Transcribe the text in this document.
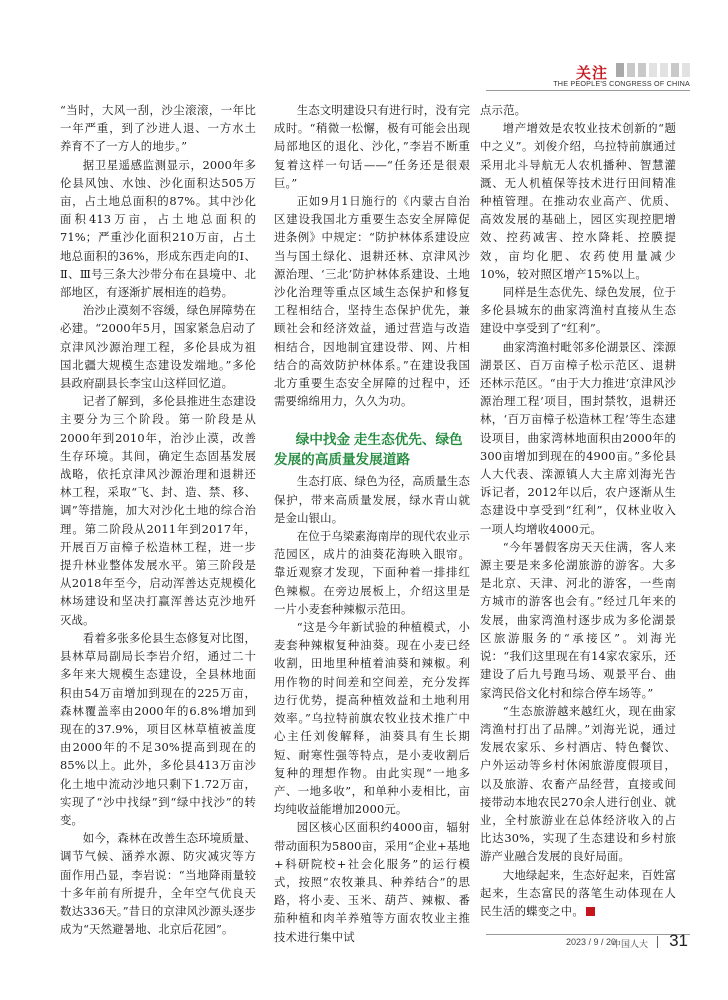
关注
THE PEOPLE'S CONGRESS OF CHINA

“当时，大风一刮，沙尘滚滚，一年比一年严重，到了沙进人退、一方水土养育不了一方人的地步。”

据卫星遥感监测显示，2000年多伦县风蚀、水蚀、沙化面积达505万亩，占土地总面积的87%。其中沙化面积413万亩，占土地总面积的71%；严重沙化面积210万亩，占土地总面积的36%，形成东西走向的Ⅰ、Ⅱ、Ⅲ号三条大沙带分布在县境中、北部地区，有逐渐扩展相连的趋势。

治沙止漠刻不容缓，绿色屏障势在必建。“2000年5月，国家紧急启动了京津风沙源治理工程，多伦县成为祖国北疆大规模生态建设发端地。”多伦县政府副县长李宝山这样回忆道。

记者了解到，多伦县推进生态建设主要分为三个阶段。第一阶段是从2000年到2010年，治沙止漠，改善生存环境。其间，确定生态固基发展战略，依托京津风沙源治理和退耕还林工程，采取“飞、封、造、禁、移、调”等措施，加大对沙化土地的综合治理。第二阶段从2011年到2017年，开展百万亩樟子松造林工程，进一步提升林业整体发展水平。第三阶段是从2018年至今，启动浑善达克规模化林场建设和坚决打赢浑善达克沙地歼灭战。

看着多张多伦县生态修复对比图，县林草局副局长李岩介绍，通过二十多年来大规模生态建设，全县林地面积由54万亩增加到现在的225万亩，森林覆盖率由2000年的6.8%增加到现在的37.9%，项目区林草植被盖度由2000年的不足30%提高到现在的85%以上。此外，多伦县413万亩沙化土地中流动沙地只剩下1.72万亩，实现了“沙中找绿”到“绿中找沙”的转变。

如今，森林在改善生态环境质量、调节气候、涵养水源、防灾减灾等方面作用凸显，李岩说：“当地降雨量较十多年前有所提升，全年空气优良天数达336天。”昔日的京津风沙源头逐步成为“天然避暑地、北京后花园”。

生态文明建设只有进行时，没有完成时。“稍微一松懈，极有可能会出现局部地区的退化、沙化，”李岩不断重复着这样一句话——“任务还是很艰巨。”

正如9月1日施行的《内蒙古自治区建设我国北方重要生态安全屏障促进条例》中规定：“防护林体系建设应当与国土绿化、退耕还林、京津风沙源治理、‘三北’防护林体系建设、土地沙化治理等重点区域生态保护和修复工程相结合，坚持生态保护优先，兼顾社会和经济效益，通过营造与改造相结合，因地制宜建设带、网、片相结合的高效防护林体系。”在建设我国北方重要生态安全屏障的过程中，还需要绵绵用力，久久为功。

绿中找金 走生态优先、绿色发展的高质量发展道路

生态打底、绿色为径，高质量生态保护，带来高质量发展，绿水青山就是金山银山。

在位于乌梁素海南岸的现代农业示范园区，成片的油葵花海映入眼帘。靠近观察才发现，下面种着一排排红色辣椒。在旁边展板上，介绍这里是一片小麦套种辣椒示范田。

“这是今年新试验的种植模式，小麦套种辣椒复种油葵。现在小麦已经收割，田地里种植着油葵和辣椒。利用作物的时间差和空间差，充分发挥边行优势，提高种植效益和土地利用效率。”乌拉特前旗农牧业技术推广中心主任刘俊解释，油葵具有生长期短、耐寒性强等特点，是小麦收割后复种的理想作物。由此实现“一地多产、一地多收”，和单种小麦相比，亩均纯收益能增加2000元。

园区核心区面积约4000亩，辐射带动面积为5800亩，采用“企业+基地+科研院校+社会化服务”的运行模式，按照“农牧兼具、种养结合”的思路，将小麦、玉米、葫芦、辣椒、番茄种植和肉羊养殖等方面农牧业主推技术进行集中试

点示范。

增产增效是农牧业技术创新的“题中之义”。刘俊介绍，乌拉特前旗通过采用北斗导航无人农机播种、智慧灌溉、无人机植保等技术进行田间精准种植管理。在推动农业高产、优质、高效发展的基础上，园区实现控肥增效、控药减害、控水降耗、控膜提效，亩均化肥、农药使用量减少10%，较对照区增产15%以上。

同样是生态优先、绿色发展，位于多伦县城东的曲家湾渔村直接从生态建设中享受到了“红利”。

曲家湾渔村毗邻多伦湖景区、滦源湖景区、百万亩樟子松示范区、退耕还林示范区。“由于大力推进‘京津风沙源治理工程’项目，围封禁牧，退耕还林，‘百万亩樟子松造林工程’等生态建设项目，曲家湾林地面积由2000年的300亩增加到现在的4900亩。”多伦县人大代表、滦源镇人大主席刘海光告诉记者，2012年以后，农户逐渐从生态建设中享受到“红利”，仅林业收入一项人均增收4000元。

“今年暑假客房天天住满，客人来源主要是来多伦湖旅游的游客。大多是北京、天津、河北的游客，一些南方城市的游客也会有。”经过几年来的发展，曲家湾渔村逐步成为多伦湖景区旅游服务的“承接区”。刘海光说：“我们这里现在有14家农家乐，还建设了后九号跑马场、观景平台、曲家湾民俗文化村和综合停车场等。”

“生态旅游越来越红火，现在曲家湾渔村打出了品牌。”刘海光说，通过发展农家乐、乡村酒店、特色餐饮、户外运动等乡村休闲旅游度假项目，以及旅游、农畜产品经营，直接或间接带动本地农民270余人进行创业、就业，全村旅游业在总体经济收入的占比达30%，实现了生态建设和乡村旅游产业融合发展的良好局面。

大地绿起来，生态好起来，百姓富起来，生态富民的落笔生动体现在人民生活的蝶变之中。

2023 / 9 / 20
中国人大 31
